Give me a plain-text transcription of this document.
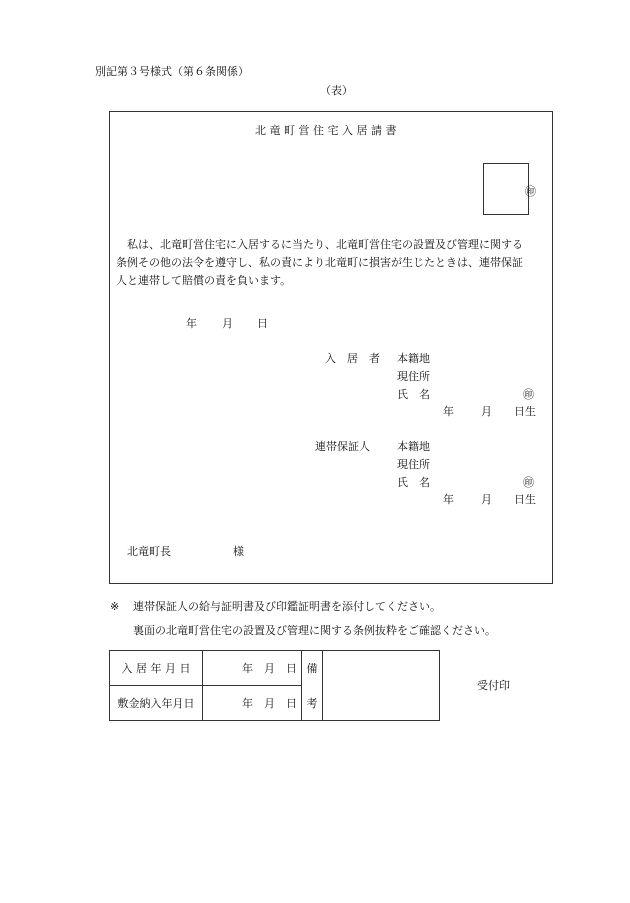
別記第３号様式（第６条関係）
（表）
北 竜 町 営 住 宅 入 居 請 書
㊞

　私は、北竜町営住宅に入居するに当たり、北竜町営住宅の設置及び管理に関する

条例その他の法令を遵守し、私の責により北竜町に損害が生じたときは、連帯保証

人と連帯して賠償の責を負います。

年 月 日
入　居　者 本籍地
現住所
氏　名	㊞
年 月 日生
連帯保証人 本籍地
現住所
氏　名	㊞
年 月 日生
北竜町長	様
※ 連帯保証人の給与証明書及び印鑑証明書を添付してください。
裏面の北竜町営住宅の設置及び管理に関する条例抜粋をご確認ください。
入 居 年 月 日	年　月　日	備	
敷金納入年月日	年　月　日	考	
受付印
